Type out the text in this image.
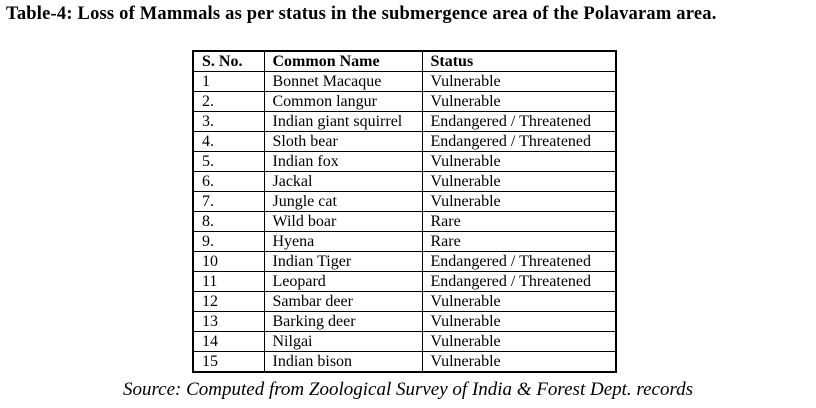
Table-4: Loss of Mammals as per status in the submergence area of the Polavaram area.
S. No.	Common Name	Status
1	Bonnet Macaque	Vulnerable
2.	Common langur	Vulnerable
3.	Indian giant squirrel	Endangered / Threatened
4.	Sloth bear	Endangered / Threatened
5.	Indian fox	Vulnerable
6.	Jackal	Vulnerable
7.	Jungle cat	Vulnerable
8.	Wild boar	Rare
9.	Hyena	Rare
10	Indian Tiger	Endangered / Threatened
11	Leopard	Endangered / Threatened
12	Sambar deer	Vulnerable
13	Barking deer	Vulnerable
14	Nilgai	Vulnerable
15	Indian bison	Vulnerable
Source: Computed from Zoological Survey of India & Forest Dept. records
